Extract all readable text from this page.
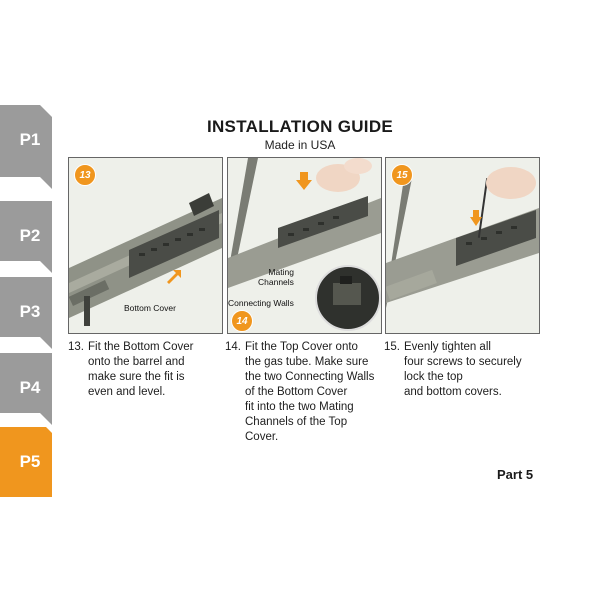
P1
P2
P3
P4
P5
INSTALLATION GUIDE
Made in USA
13
Bottom Cover
Mating
Channels
Connecting Walls
14
15
13. Fit the Bottom Cover
onto the barrel and
make sure the fit is
even and level.
14. Fit the Top Cover onto
the gas tube. Make sure
the two Connecting Walls
of the Bottom Cover
fit into the two Mating
Channels of the Top
Cover.
15. Evenly tighten all
four screws to securely
lock the top
and bottom covers.
Part 5
